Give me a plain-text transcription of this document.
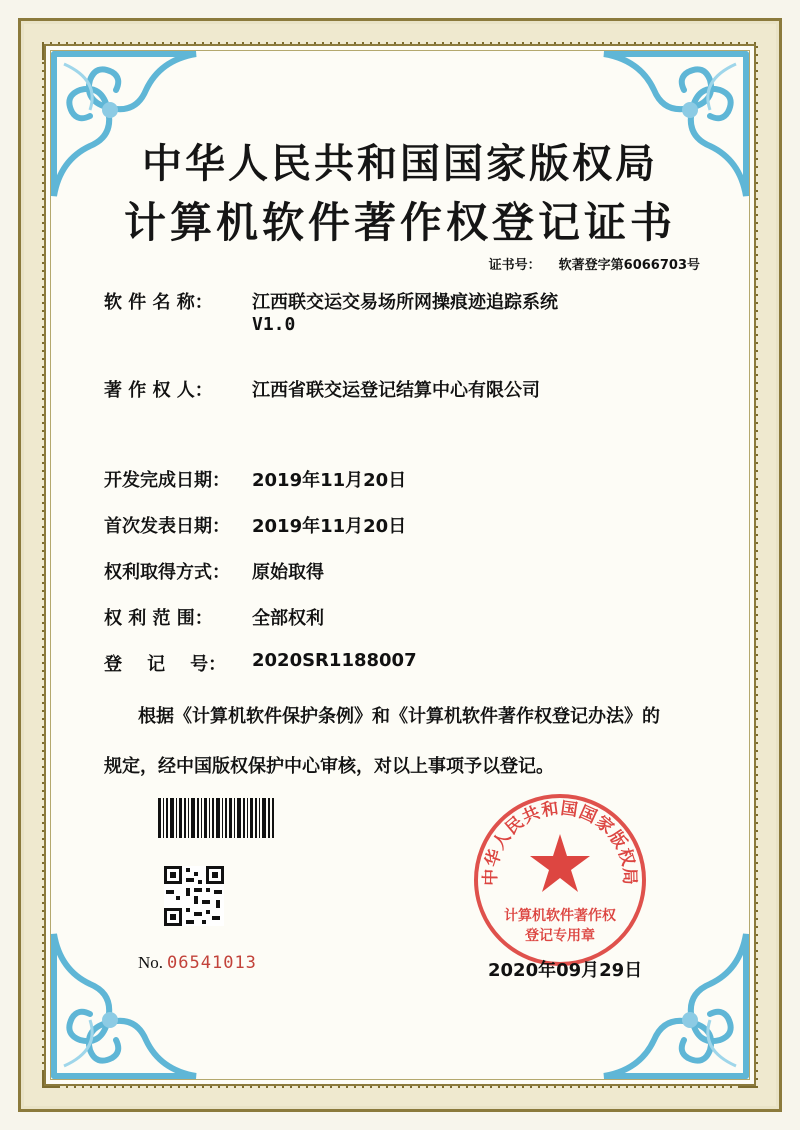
中华人民共和国国家版权局
计算机软件著作权登记证书
证书号： 软著登字第6066703号
软 件 名 称： 江西联交运交易场所网操痕迹追踪系统
V1.0
著 作 权 人： 江西省联交运登记结算中心有限公司
开发完成日期： 2019年11月20日
首次发表日期： 2019年11月20日
权利取得方式： 原始取得
权 利 范 围： 全部权利
登    记    号： 2020SR1188007
根据《计算机软件保护条例》和《计算机软件著作权登记办法》的
规定，经中国版权保护中心审核，对以上事项予以登记。
No. 06541013
中华人民共和国国家版权局
计算机软件著作权
登记专用章
2020年09月29日
